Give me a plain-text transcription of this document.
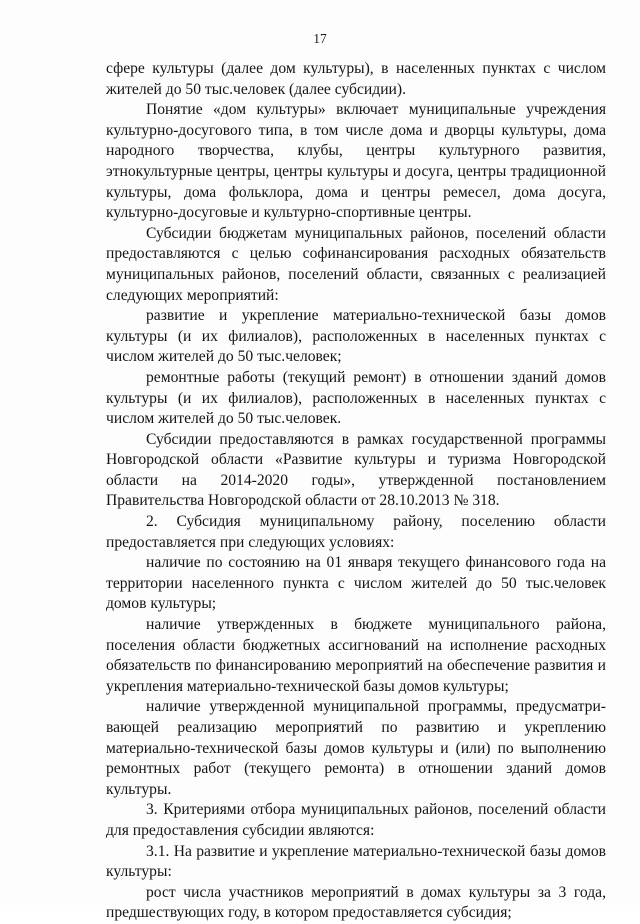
17

сфере культуры (далее дом культуры), в населенных пунктах с числом жителей до 50 тыс.человек (далее субсидии).

Понятие «дом культуры» включает муниципальные учреждения культурно-досугового типа, в том числе дома и дворцы культуры, дома народного творчества, клубы, центры культурного развития, этнокультурные центры, центры культуры и досуга, центры традиционной культуры, дома фольклора, дома и центры ремесел, дома досуга, культурно-досуговые и культурно-спортивные центры.

Субсидии бюджетам муниципальных районов, поселений области предоставляются с целью софинансирования расходных обязательств муниципальных районов, поселений области, связанных с реализацией следующих мероприятий:

развитие и укрепление материально-технической базы домов культуры (и их филиалов), расположенных в населенных пунктах с числом жителей до 50 тыс.человек;

ремонтные работы (текущий ремонт) в отношении зданий домов культуры (и их филиалов), расположенных в населенных пунктах с числом жителей до 50 тыс.человек.

Субсидии предоставляются в рамках государственной программы Новгородской области «Развитие культуры и туризма Новгородской области на 2014-2020 годы», утвержденной постановлением Правительства Новгородской области от 28.10.2013 № 318.

2. Субсидия муниципальному району, поселению области предоставляется при следующих условиях:

наличие по состоянию на 01 января текущего финансового года на территории населенного пункта с числом жителей до 50 тыс.человек домов культуры;

наличие утвержденных в бюджете муниципального района, поселения области бюджетных ассигнований на исполнение расходных обязательств по финансированию мероприятий на обеспечение развития и укрепления материально-технической базы домов культуры;

наличие утвержденной муниципальной программы, предусматривающей реализацию мероприятий по развитию и укреплению материально-технической базы домов культуры и (или) по выполнению ремонтных работ (текущего ремонта) в отношении зданий домов культуры.

3. Критериями отбора муниципальных районов, поселений области для предоставления субсидии являются:

3.1. На развитие и укрепление материально-технической базы домов культуры:

рост числа участников мероприятий в домах культуры за 3 года, предшествующих году, в котором предоставляется субсидия;
